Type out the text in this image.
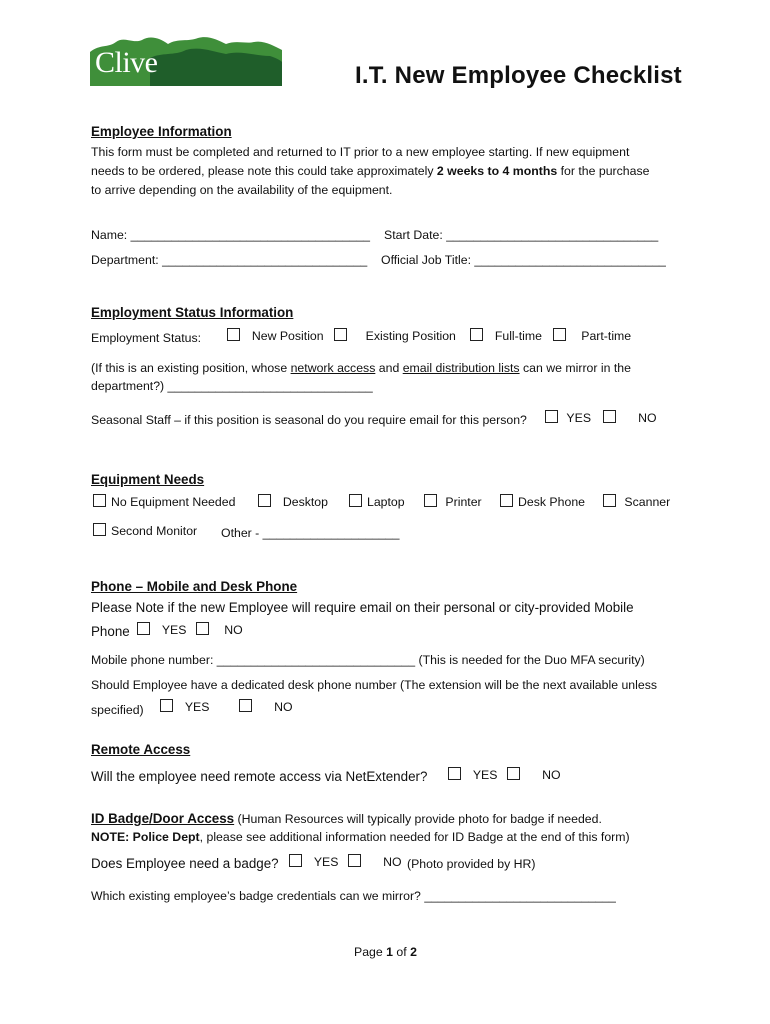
Clive	I.T. New Employee Checklist
Employee Information
This form must be completed and returned to IT prior to a new employee starting. If new equipment
needs to be ordered, please note this could take approximately 2 weeks to 4 months for the purchase
to arrive depending on the availability of the equipment.
Name: ___________________________________ Start Date: _______________________________
Department: ______________________________ Official Job Title: ____________________________
Employment Status Information
Employment Status:	New Position	Existing Position	Full-time	Part-time
(If this is an existing position, whose network access and email distribution lists can we mirror in the
department?) ______________________________
Seasonal Staff – if this position is seasonal do you require email for this person?	YES	NO
Equipment Needs
No Equipment Needed	Desktop	Laptop	Printer	Desk Phone	Scanner
Second Monitor Other - ____________________
Phone – Mobile and Desk Phone
Please Note if the new Employee will require email on their personal or city-provided Mobile
Phone	YES	NO
Mobile phone number: _____________________________ (This is needed for the Duo MFA security)
Should Employee have a dedicated desk phone number (The extension will be the next available unless
specified)	YES	NO
Remote Access
Will the employee need remote access via NetExtender?	YES	NO
ID Badge/Door Access (Human Resources will typically provide photo for badge if needed.
NOTE: Police Dept, please see additional information needed for ID Badge at the end of this form)
Does Employee need a badge?	YES	NO (Photo provided by HR)
Which existing employee’s badge credentials can we mirror? ____________________________
Page 1 of 2
